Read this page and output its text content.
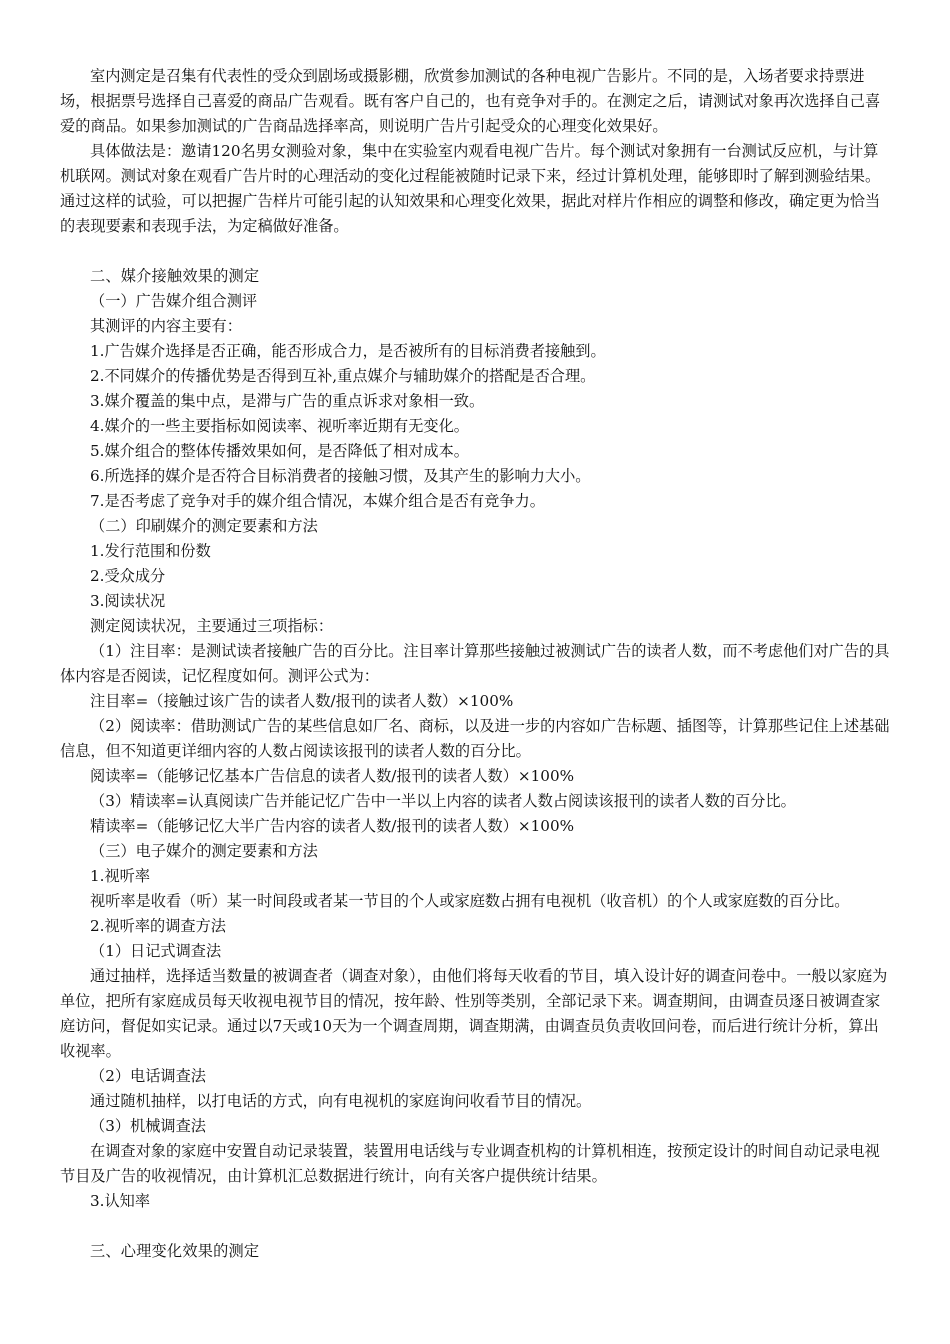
室内测定是召集有代表性的受众到剧场或摄影棚，欣赏参加测试的各种电视广告影片。不同的是，入场者要求持票进场，根据票号选择自己喜爱的商品广告观看。既有客户自己的，也有竞争对手的。在测定之后，请测试对象再次选择自己喜爱的商品。如果参加测试的广告商品选择率高，则说明广告片引起受众的心理变化效果好。

具体做法是：邀请120名男女测验对象，集中在实验室内观看电视广告片。每个测试对象拥有一台测试反应机，与计算机联网。测试对象在观看广告片时的心理活动的变化过程能被随时记录下来，经过计算机处理，能够即时了解到测验结果。通过这样的试验，可以把握广告样片可能引起的认知效果和心理变化效果，据此对样片作相应的调整和修改，确定更为恰当的表现要素和表现手法，为定稿做好准备。

二、媒介接触效果的测定

（一）广告媒介组合测评

其测评的内容主要有：

1.广告媒介选择是否正确，能否形成合力，是否被所有的目标消费者接触到。

2.不同媒介的传播优势是否得到互补,重点媒介与辅助媒介的搭配是否合理。

3.媒介覆盖的集中点，是滞与广告的重点诉求对象相一致。

4.媒介的一些主要指标如阅读率、视听率近期有无变化。

5.媒介组合的整体传播效果如何，是否降低了相对成本。

6.所选择的媒介是否符合目标消费者的接触习惯，及其产生的影响力大小。

7.是否考虑了竞争对手的媒介组合情况，本媒介组合是否有竞争力。

（二）印刷媒介的测定要素和方法

1.发行范围和份数

2.受众成分

3.阅读状况

测定阅读状况，主要通过三项指标：

（1）注目率：是测试读者接触广告的百分比。注目率计算那些接触过被测试广告的读者人数，而不考虑他们对广告的具体内容是否阅读，记忆程度如何。测评公式为：

注目率=（接触过该广告的读者人数/报刊的读者人数）×100%

（2）阅读率：借助测试广告的某些信息如厂名、商标，以及进一步的内容如广告标题、插图等，计算那些记住上述基础信息，但不知道更详细内容的人数占阅读该报刊的读者人数的百分比。

阅读率=（能够记忆基本广告信息的读者人数/报刊的读者人数）×100%

（3）精读率=认真阅读广告并能记忆广告中一半以上内容的读者人数占阅读该报刊的读者人数的百分比。

精读率=（能够记忆大半广告内容的读者人数/报刊的读者人数）×100%

（三）电子媒介的测定要素和方法

1.视听率

视听率是收看（听）某一时间段或者某一节目的个人或家庭数占拥有电视机（收音机）的个人或家庭数的百分比。

2.视听率的调查方法

（1）日记式调查法

通过抽样，选择适当数量的被调查者（调查对象），由他们将每天收看的节目，填入设计好的调查问卷中。一般以家庭为单位，把所有家庭成员每天收视电视节目的情况，按年龄、性别等类别，全部记录下来。调查期间，由调查员逐日被调查家庭访问，督促如实记录。通过以7天或10天为一个调查周期，调查期满，由调查员负责收回问卷，而后进行统计分析，算出收视率。

（2）电话调查法

通过随机抽样，以打电话的方式，向有电视机的家庭询问收看节目的情况。

（3）机械调查法

在调查对象的家庭中安置自动记录装置，装置用电话线与专业调查机构的计算机相连，按预定设计的时间自动记录电视节目及广告的收视情况，由计算机汇总数据进行统计，向有关客户提供统计结果。

3.认知率

三、心理变化效果的测定
